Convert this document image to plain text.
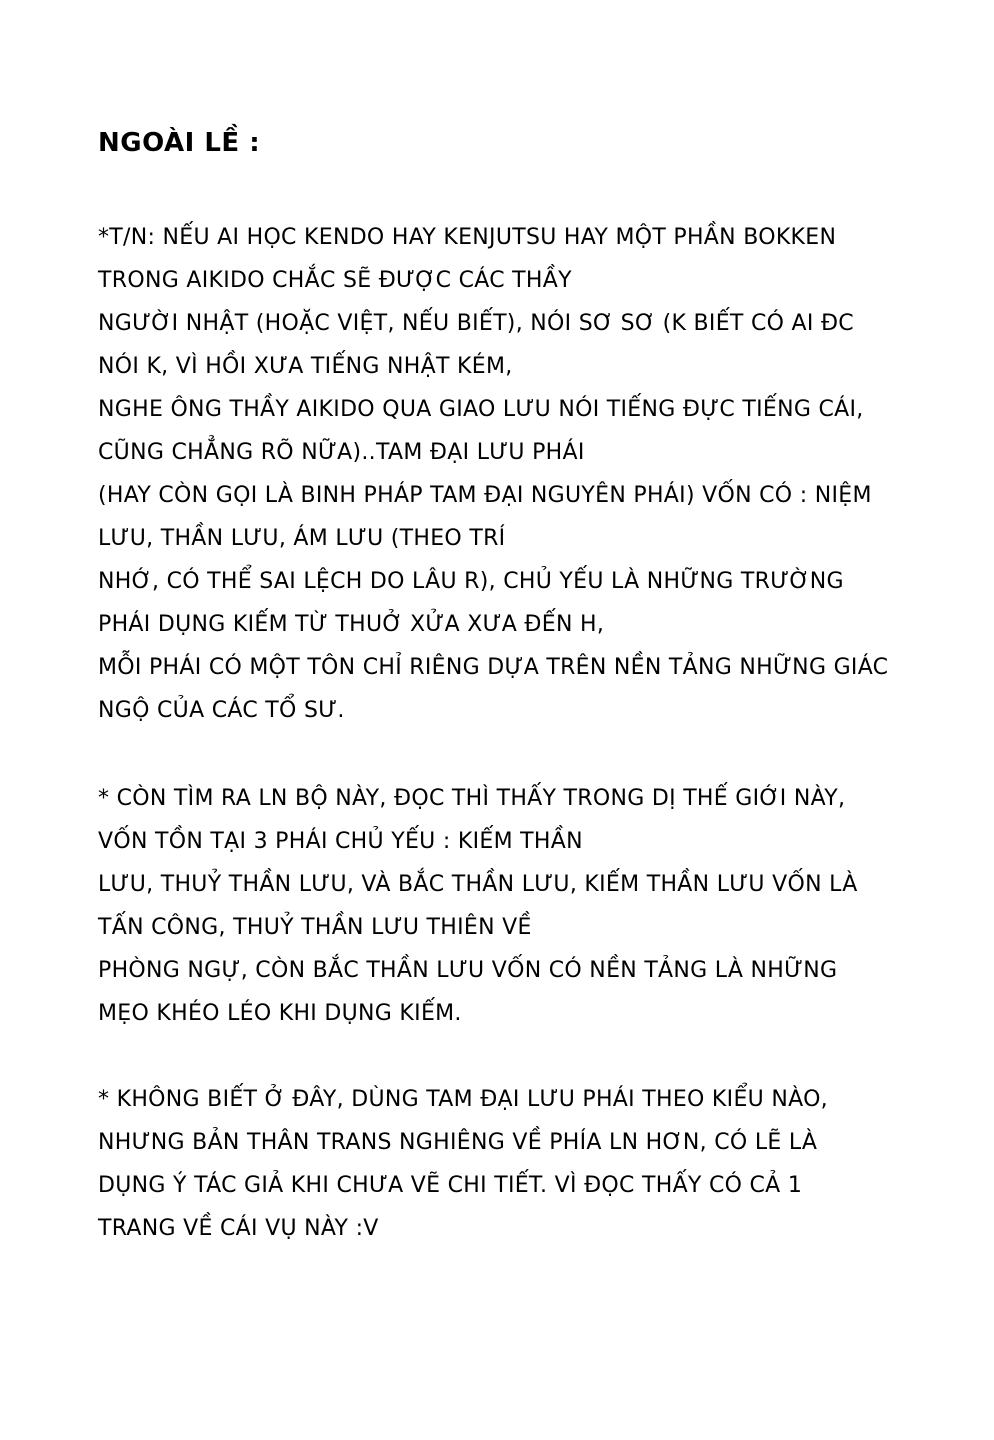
NGOÀI LỀ :

*T/N: NẾU AI HỌC KENDO HAY KENJUTSU HAY MỘT PHẦN BOKKEN
TRONG AIKIDO CHẮC SẼ ĐƯỢC CÁC THẦY
NGƯỜI NHẬT (HOẶC VIỆT, NẾU BIẾT), NÓI SƠ SƠ (K BIẾT CÓ AI ĐC
NÓI K, VÌ HỒI XƯA TIẾNG NHẬT KÉM,
NGHE ÔNG THẦY AIKIDO QUA GIAO LƯU NÓI TIẾNG ĐỰC TIẾNG CÁI,
CŨNG CHẲNG RÕ NỮA)..TAM ĐẠI LƯU PHÁI
(HAY CÒN GỌI LÀ BINH PHÁP TAM ĐẠI NGUYÊN PHÁI) VỐN CÓ : NIỆM
LƯU, THẦN LƯU, ÁM LƯU (THEO TRÍ
NHỚ, CÓ THỂ SAI LỆCH DO LÂU R), CHỦ YẾU LÀ NHỮNG TRƯỜNG
PHÁI DỤNG KIẾM TỪ THUỞ XỬA XƯA ĐẾN H,
MỖI PHÁI CÓ MỘT TÔN CHỈ RIÊNG DỰA TRÊN NỀN TẢNG NHỮNG GIÁC
NGỘ CỦA CÁC TỔ SƯ.

* CÒN TÌM RA LN BỘ NÀY, ĐỌC THÌ THẤY TRONG DỊ THẾ GIỚI NÀY,
VỐN TỒN TẠI 3 PHÁI CHỦ YẾU : KIẾM THẦN
LƯU, THUỶ THẦN LƯU, VÀ BẮC THẦN LƯU, KIẾM THẦN LƯU VỐN LÀ
TẤN CÔNG, THUỶ THẦN LƯU THIÊN VỀ
PHÒNG NGỰ, CÒN BẮC THẦN LƯU VỐN CÓ NỀN TẢNG LÀ NHỮNG
MẸO KHÉO LÉO KHI DỤNG KIẾM.

* KHÔNG BIẾT Ở ĐÂY, DÙNG TAM ĐẠI LƯU PHÁI THEO KIỂU NÀO,
NHƯNG BẢN THÂN TRANS NGHIÊNG VỀ PHÍA LN HƠN, CÓ LẼ LÀ
DỤNG Ý TÁC GIẢ KHI CHƯA VẼ CHI TIẾT. VÌ ĐỌC THẤY CÓ CẢ 1
TRANG VỀ CÁI VỤ NÀY :V
